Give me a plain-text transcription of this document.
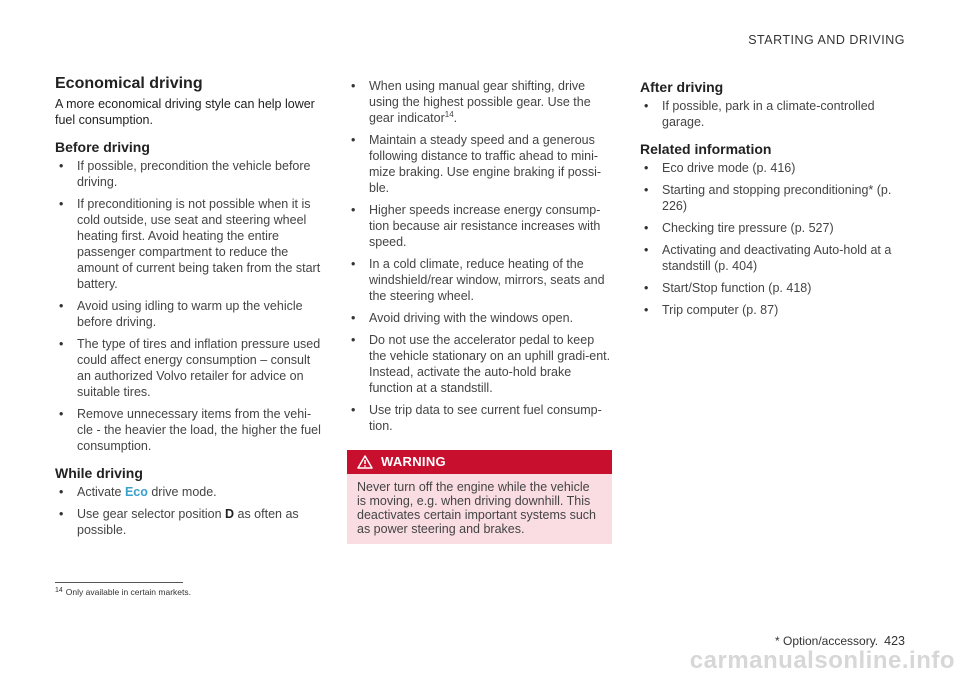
STARTING AND DRIVING
Economical driving

A more economical driving style can help lower fuel consumption.

Before driving
• If possible, precondition the vehicle before driving.
• If preconditioning is not possible when it is cold outside, use seat and steering wheel heating first. Avoid heating the entire passenger compartment to reduce the amount of current being taken from the start battery.
• Avoid using idling to warm up the vehicle before driving.
• The type of tires and inflation pressure used could affect energy consumption – consult an authorized Volvo retailer for advice on suitable tires.
• Remove unnecessary items from the vehi-cle - the heavier the load, the higher the fuel consumption.
While driving
• Activate Eco drive mode.
• Use gear selector position D as often as possible.
• When using manual gear shifting, drive using the highest possible gear. Use the gear indicator$^{14}$.
• Maintain a steady speed and a generous following distance to traffic ahead to mini-mize braking. Use engine braking if possi-ble.
• Higher speeds increase energy consump-tion because air resistance increases with speed.
• In a cold climate, reduce heating of the windshield/rear window, mirrors, seats and the steering wheel.
• Avoid driving with the windows open.
• Do not use the accelerator pedal to keep the vehicle stationary on an uphill gradi-ent. Instead, activate the auto-hold brake function at a standstill.
• Use trip data to see current fuel consump-tion.
WARNING
Never turn off the engine while the vehicle is moving, e.g. when driving downhill. This deactivates certain important systems such as power steering and brakes.
After driving
• If possible, park in a climate-controlled garage.
Related information
• Eco drive mode (p. 416)
• Starting and stopping preconditioning* (p. 226)
• Checking tire pressure (p. 527)
• Activating and deactivating Auto-hold at a standstill (p. 404)
• Start/Stop function (p. 418)
• Trip computer (p. 87)
$^{14}$ Only available in certain markets.
* Option/accessory. 423
carmanualsonline.info
